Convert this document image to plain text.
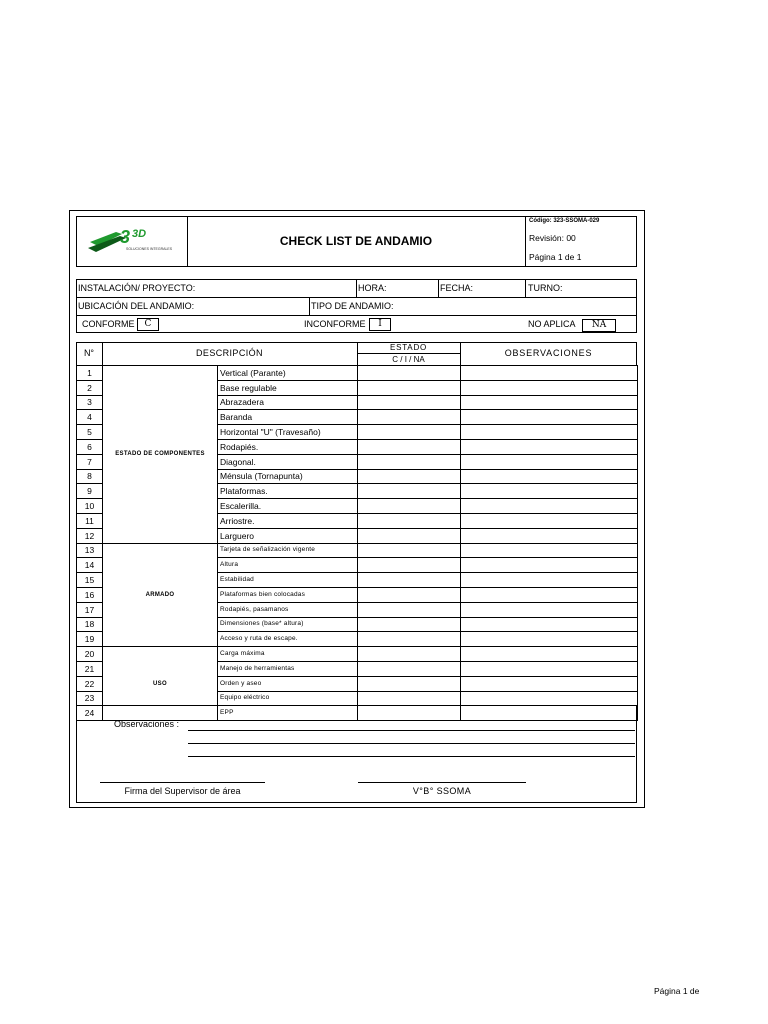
3 3D
SOLUCIONES INTEGRALES
CHECK LIST DE ANDAMIO
Código: 323-SSOMA-029
Revisión: 00
Página 1 de 1
INSTALACIÓN/ PROYECTO:	HORA:	FECHA:	TURNO:
UBICACIÓN DEL ANDAMIO:	TIPO DE ANDAMIO:
CONFORME	C	INCONFORME	I	NO APLICA	NA
N°	DESCRIPCIÓN
ESTADO
C / I / NA
OBSERVACIONES
1	ESTADO DE COMPONENTES	Vertical (Parante)		
2		Base regulable		
3		Abrazadera		
4		Baranda		
5		Horizontal "U" (Travesaño)		
6		Rodapiés.		
7		Diagonal.		
8		Ménsula (Tornapunta)		
9		Plataformas.		
10		Escalerilla.		
11		Arriostre.		
12		Larguero		
13	ARMADO	Tarjeta de señalización vigente		
14		Altura		
15		Estabilidad		
16		Plataformas bien colocadas		
17		Rodapiés, pasamanos		
18		Dimensiones (base* altura)		
19		Acceso y ruta de escape.		
20	USO	Carga máxima		
21		Manejo de herramientas		
22		Orden y aseo		
23		Equipo eléctrico		
24		EPP		
Observaciones :
Firma del Supervisor de área	V°B° SSOMA
Página 1 de
